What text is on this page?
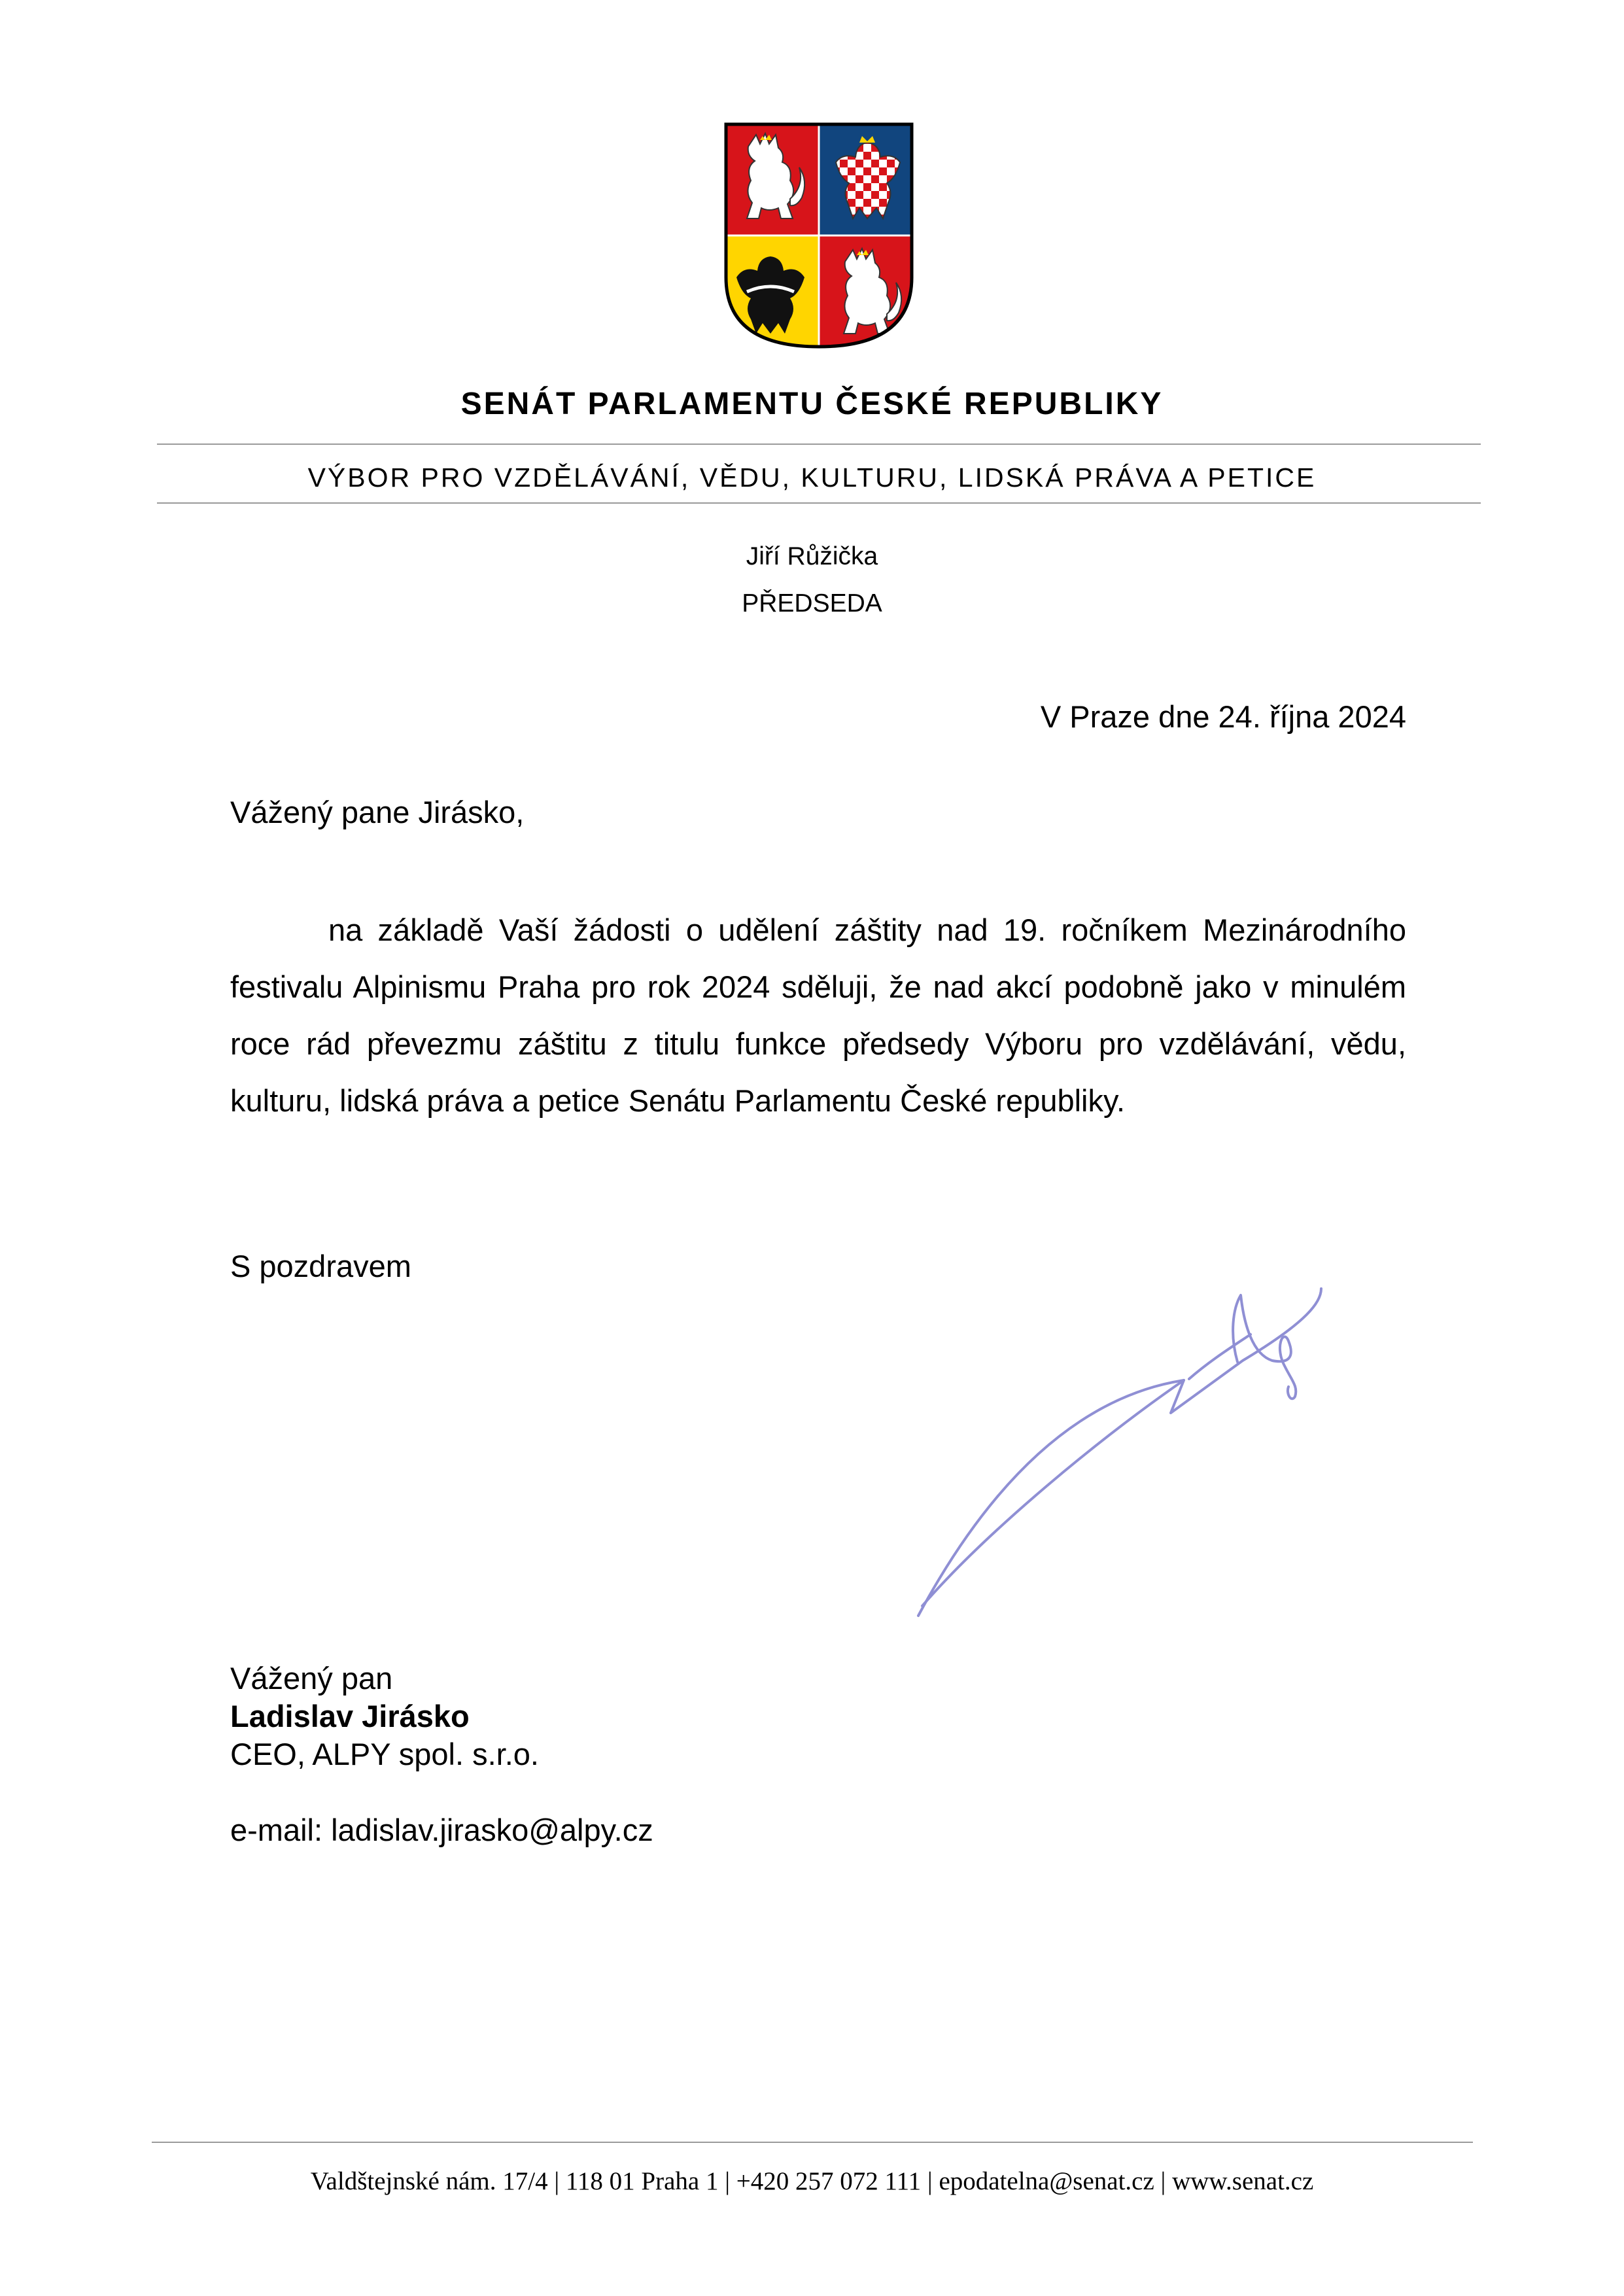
SENÁT PARLAMENTU ČESKÉ REPUBLIKY
VÝBOR PRO VZDĚLÁVÁNÍ, VĚDU, KULTURU, LIDSKÁ PRÁVA A PETICE
Jiří Růžička
PŘEDSEDA
V Praze dne 24. října 2024
Vážený pane Jirásko,

na základě Vaší žádosti o udělení záštity nad 19. ročníkem Mezinárodního festivalu Alpinismu Praha pro rok 2024 sděluji, že nad akcí podobně jako v minulém roce rád převezmu záštitu z titulu funkce předsedy Výboru pro vzdělávání, vědu, kulturu, lidská práva a petice Senátu Parlamentu České republiky.

S pozdravem
Vážený pan
Ladislav Jirásko
CEO, ALPY spol. s.r.o.
e-mail: ladislav.jirasko@alpy.cz
Valdštejnské nám. 17/4 | 118 01 Praha 1 | +420 257 072 111 | epodatelna@senat.cz | www.senat.cz
